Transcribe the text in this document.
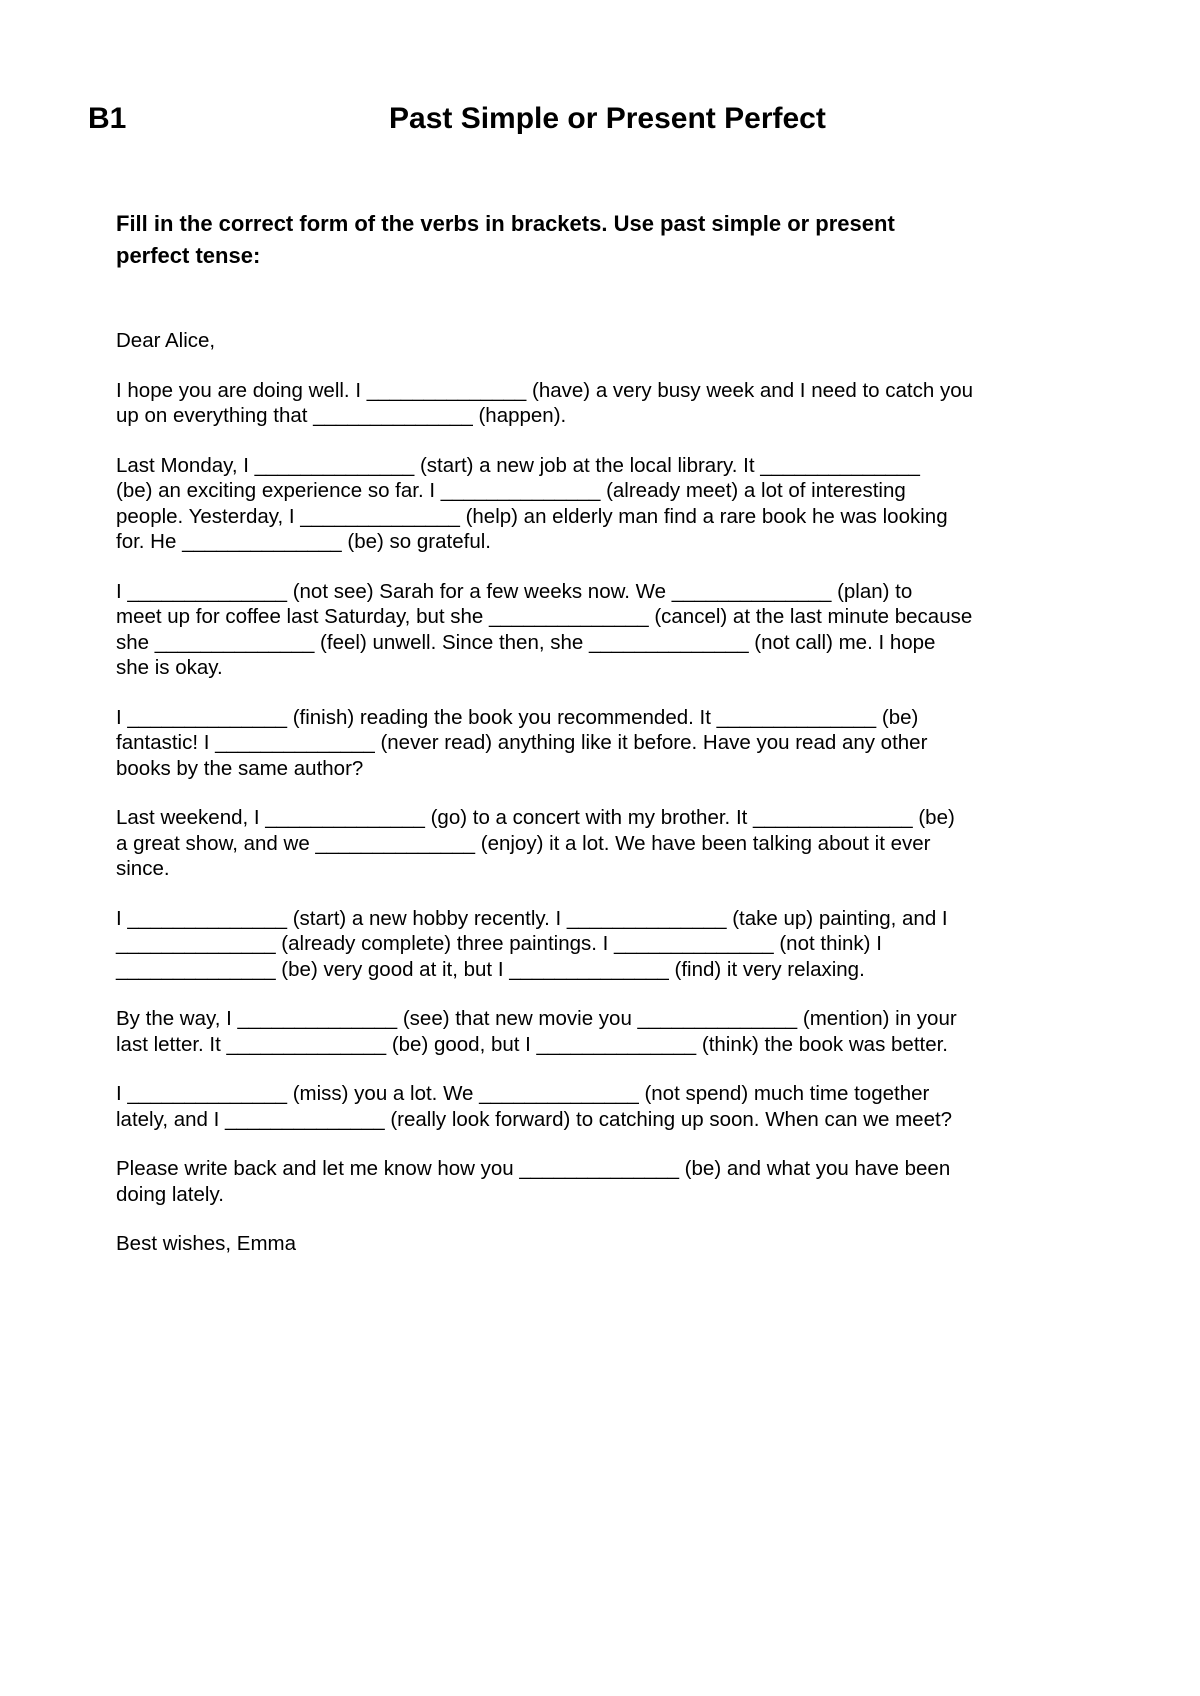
B1	Past Simple or Present Perfect
Fill in the correct form of the verbs in brackets. Use past simple or present
perfect tense:

Dear Alice,

I hope you are doing well. I ______________ (have) a very busy week and I need to catch you
up on everything that ______________ (happen).

Last Monday, I ______________ (start) a new job at the local library. It ______________
(be) an exciting experience so far. I ______________ (already meet) a lot of interesting
people. Yesterday, I ______________ (help) an elderly man find a rare book he was looking
for. He ______________ (be) so grateful.

I ______________ (not see) Sarah for a few weeks now. We ______________ (plan) to
meet up for coffee last Saturday, but she ______________ (cancel) at the last minute because
she ______________ (feel) unwell. Since then, she ______________ (not call) me. I hope
she is okay.

I ______________ (finish) reading the book you recommended. It ______________ (be)
fantastic! I ______________ (never read) anything like it before. Have you read any other
books by the same author?

Last weekend, I ______________ (go) to a concert with my brother. It ______________ (be)
a great show, and we ______________ (enjoy) it a lot. We have been talking about it ever
since.

I ______________ (start) a new hobby recently. I ______________ (take up) painting, and I
______________ (already complete) three paintings. I ______________ (not think) I
______________ (be) very good at it, but I ______________ (find) it very relaxing.

By the way, I ______________ (see) that new movie you ______________ (mention) in your
last letter. It ______________ (be) good, but I ______________ (think) the book was better.

I ______________ (miss) you a lot. We ______________ (not spend) much time together
lately, and I ______________ (really look forward) to catching up soon. When can we meet?

Please write back and let me know how you ______________ (be) and what you have been
doing lately.

Best wishes, Emma
